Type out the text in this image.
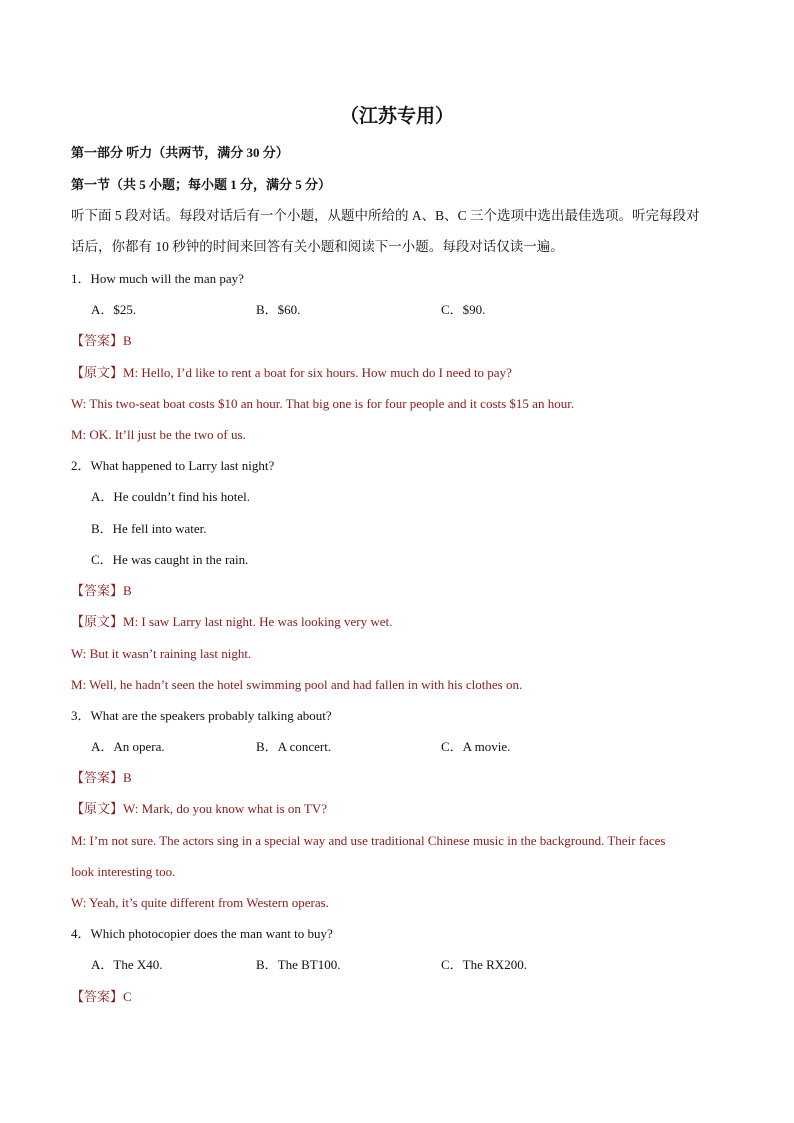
（江苏专用）
第一部分 听力（共两节，满分 30 分）
第一节（共 5 小题；每小题 1 分，满分 5 分）
听下面 5 段对话。每段对话后有一个小题，从题中所给的 A、B、C 三个选项中选出最佳选项。听完每段对
话后，你都有 10 秒钟的时间来回答有关小题和阅读下一小题。每段对话仅读一遍。
1．How much will the man pay?
A．$25.	B．$60.	C．$90.
【答案】B
【原文】M: Hello, I’d like to rent a boat for six hours. How much do I need to pay?
W: This two-seat boat costs $10 an hour. That big one is for four people and it costs $15 an hour.
M: OK. It’ll just be the two of us.
2．What happened to Larry last night?
A．He couldn’t find his hotel.
B．He fell into water.
C．He was caught in the rain.
【答案】B
【原文】M: I saw Larry last night. He was looking very wet.
W: But it wasn’t raining last night.
M: Well, he hadn’t seen the hotel swimming pool and had fallen in with his clothes on.
3．What are the speakers probably talking about?
A．An opera.	B．A concert.	C．A movie.
【答案】B
【原文】W: Mark, do you know what is on TV?
M: I’m not sure. The actors sing in a special way and use traditional Chinese music in the background. Their faces
look interesting too.
W: Yeah, it’s quite different from Western operas.
4．Which photocopier does the man want to buy?
A．The X40.	B．The BT100.	C．The RX200.
【答案】C
